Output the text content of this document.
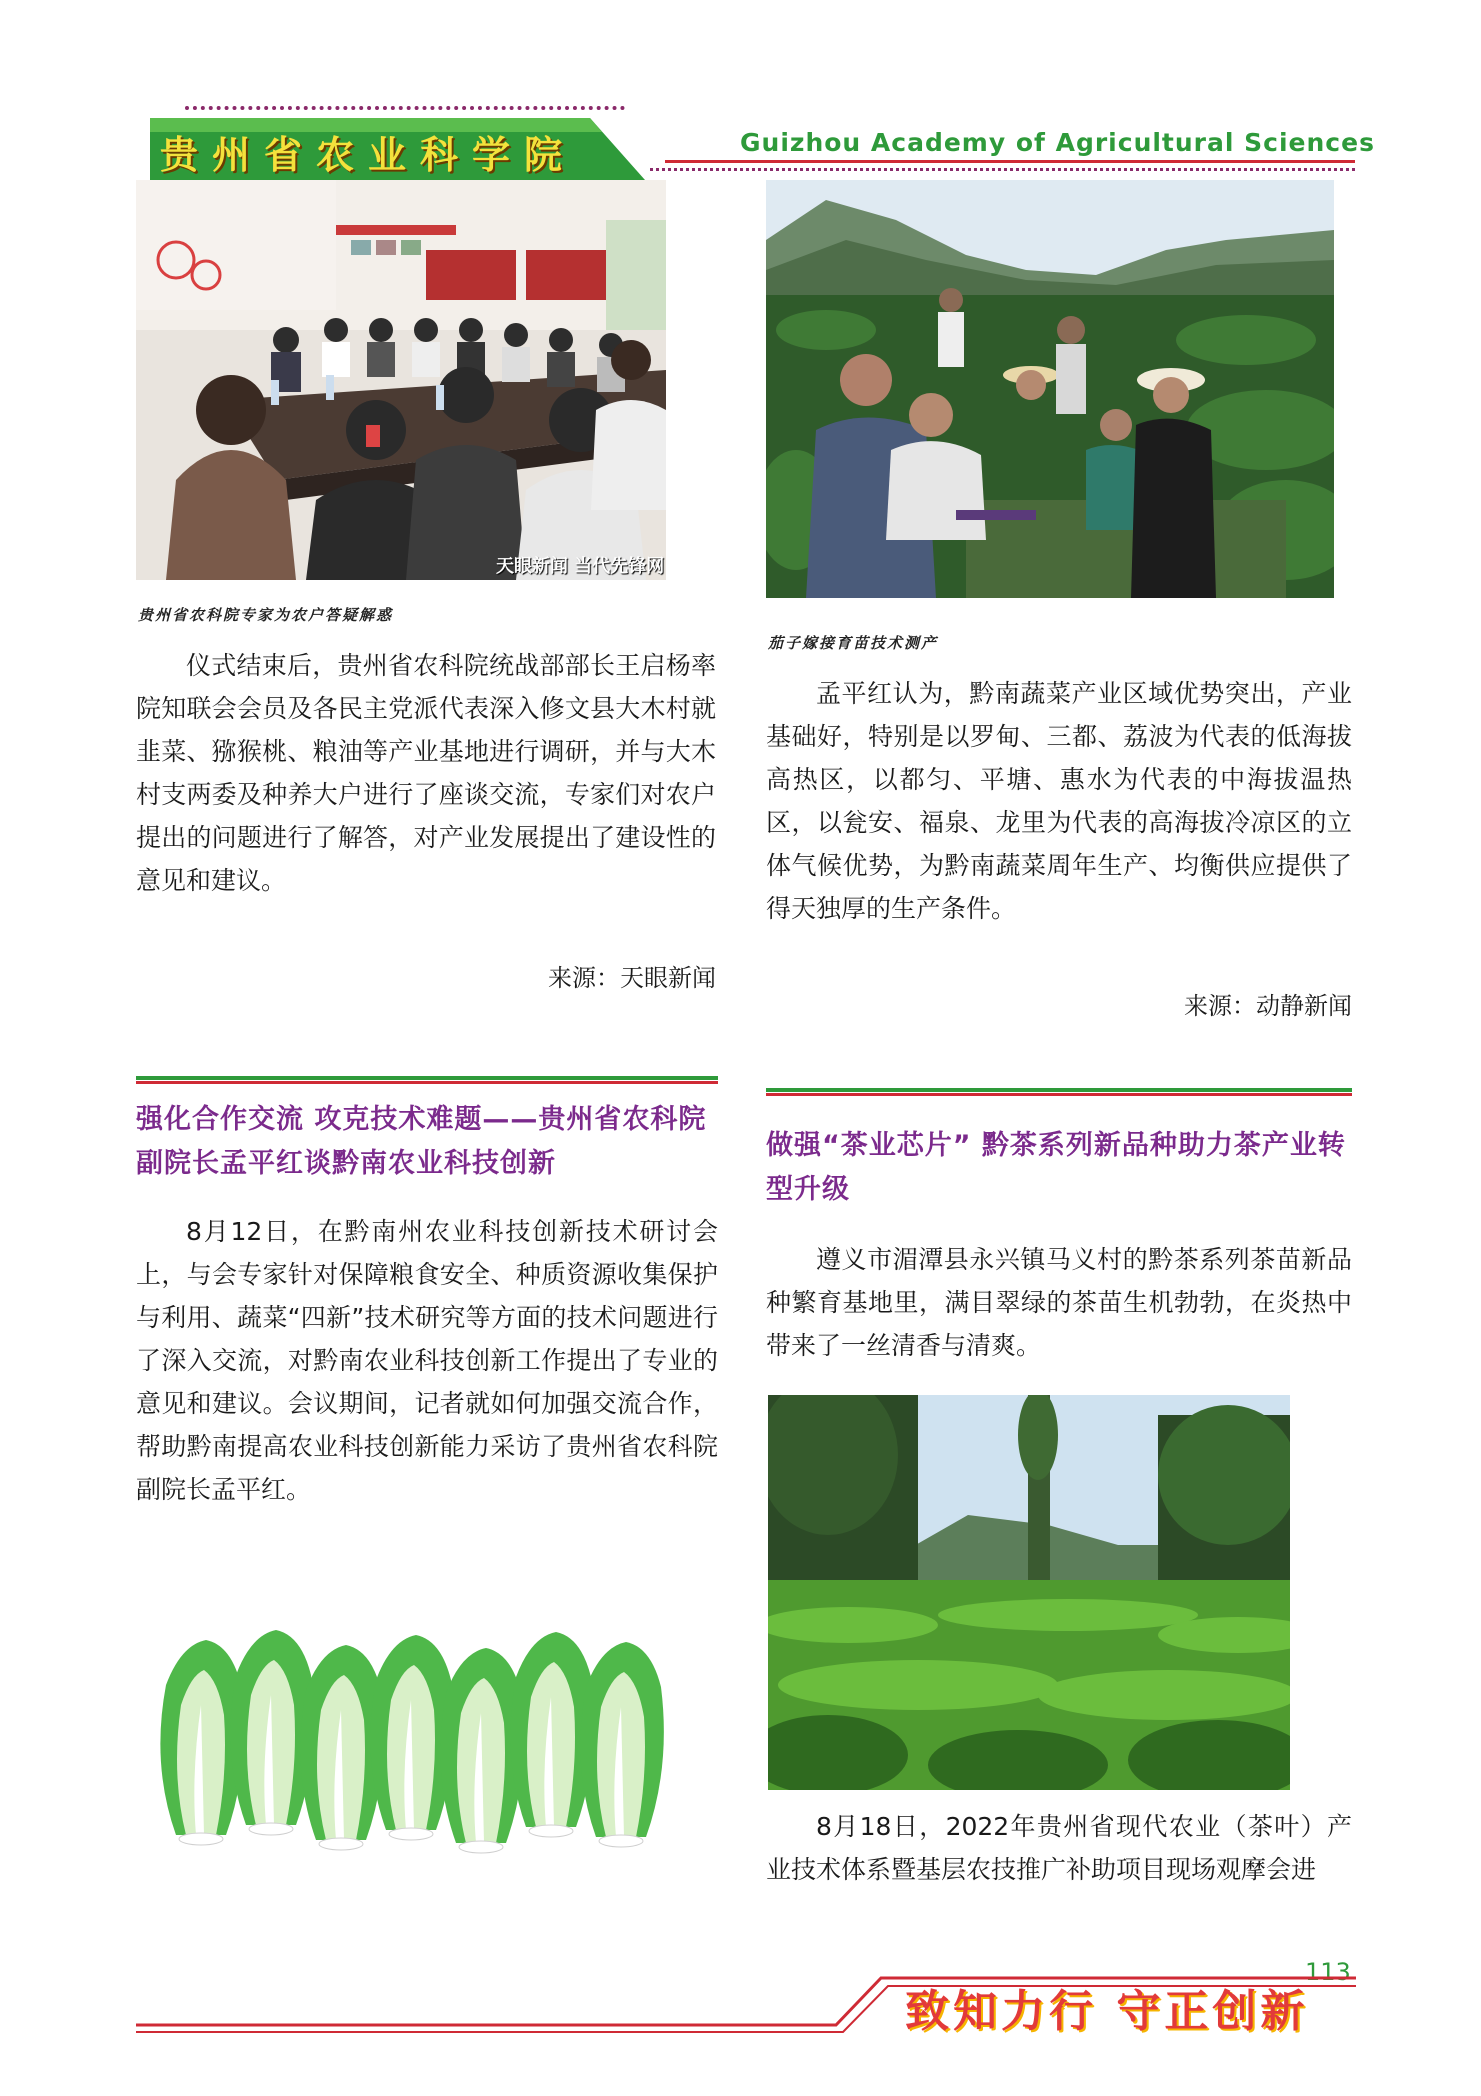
贵州省农业科学院	Guizhou Academy of Agricultural Sciences
天眼新闻 当代先锋网
贵州省农科院专家为农户答疑解惑

仪式结束后，贵州省农科院统战部部长王启杨率院知联会会员及各民主党派代表深入修文县大木村就韭菜、猕猴桃、粮油等产业基地进行调研，并与大木村支两委及种养大户进行了座谈交流，专家们对农户提出的问题进行了解答，对产业发展提出了建设性的意见和建议。

来源：天眼新闻
茄子嫁接育苗技术测产

孟平红认为，黔南蔬菜产业区域优势突出，产业基础好，特别是以罗甸、三都、荔波为代表的低海拔高热区，以都匀、平塘、惠水为代表的中海拔温热区，以瓮安、福泉、龙里为代表的高海拔冷凉区的立体气候优势，为黔南蔬菜周年生产、均衡供应提供了得天独厚的生产条件。

来源：动静新闻
强化合作交流 攻克技术难题——贵州省农科院副院长孟平红谈黔南农业科技创新

8月12日，在黔南州农业科技创新技术研讨会上，与会专家针对保障粮食安全、种质资源收集保护与利用、蔬菜“四新”技术研究等方面的技术问题进行了深入交流，对黔南农业科技创新工作提出了专业的意见和建议。会议期间，记者就如何加强交流合作，帮助黔南提高农业科技创新能力采访了贵州省农科院副院长孟平红。

做强“茶业芯片” 黔茶系列新品种助力茶产业转型升级

遵义市湄潭县永兴镇马义村的黔茶系列茶苗新品种繁育基地里，满目翠绿的茶苗生机勃勃，在炎热中带来了一丝清香与清爽。

8月18日，2022年贵州省现代农业（茶叶）产业技术体系暨基层农技推广补助项目现场观摩会进

113
致知力行 守正创新
